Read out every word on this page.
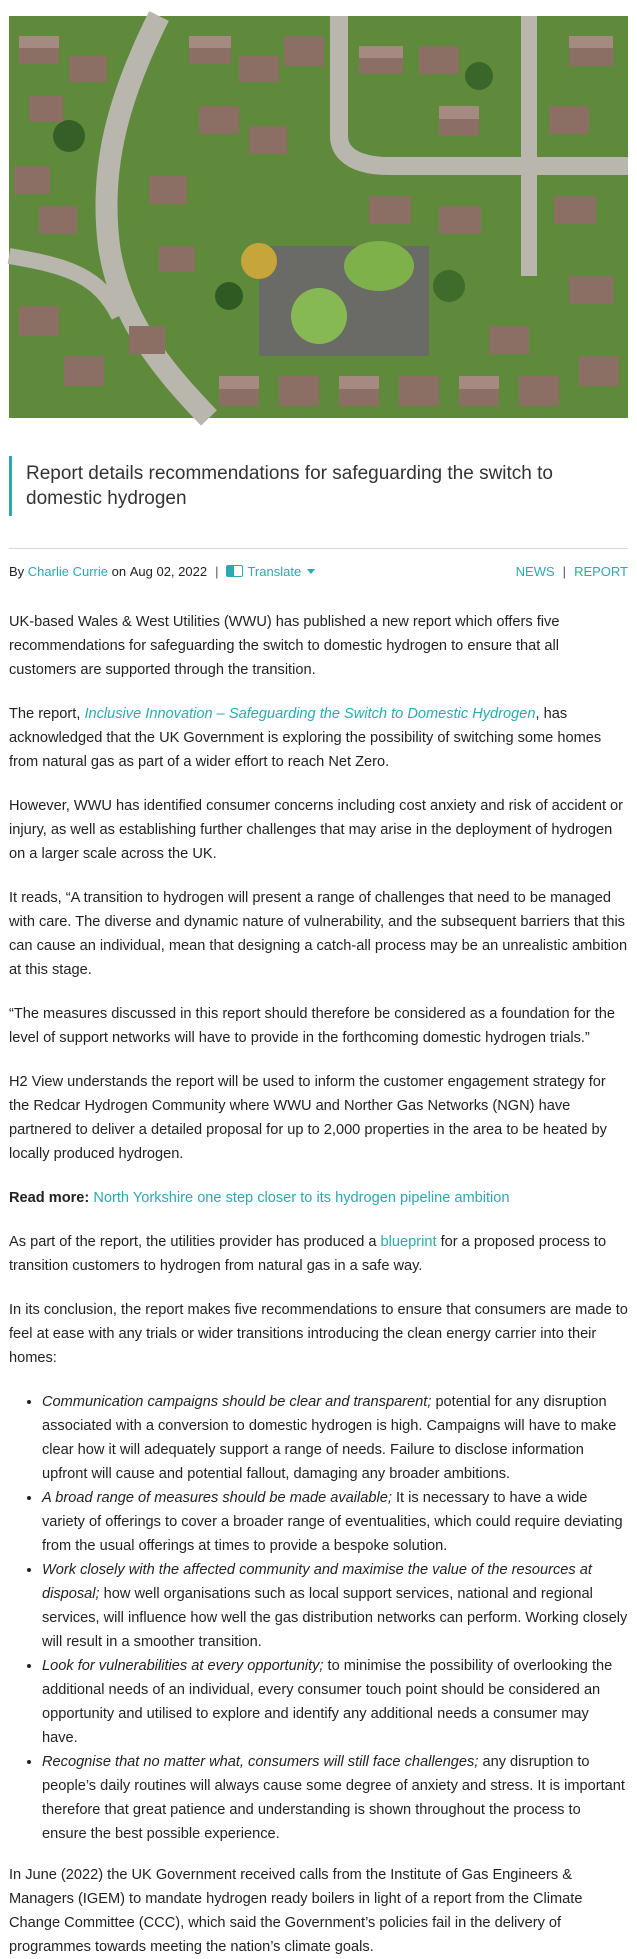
Report details recommendations for safeguarding the switch to domestic hydrogen
By
Charlie Currie
on
Aug 02, 2022 | Translate	NEWS | REPORT

UK-based Wales & West Utilities (WWU) has published a new report which offers five recommendations for safeguarding the switch to domestic hydrogen to ensure that all customers are supported through the transition.

The report, Inclusive Innovation – Safeguarding the Switch to Domestic Hydrogen, has acknowledged that the UK Government is exploring the possibility of switching some homes from natural gas as part of a wider effort to reach Net Zero.

However, WWU has identified consumer concerns including cost anxiety and risk of accident or injury, as well as establishing further challenges that may arise in the deployment of hydrogen on a larger scale across the UK.

It reads, “A transition to hydrogen will present a range of challenges that need to be managed with care. The diverse and dynamic nature of vulnerability, and the subsequent barriers that this can cause an individual, mean that designing a catch-all process may be an unrealistic ambition at this stage.

“The measures discussed in this report should therefore be considered as a foundation for the level of support networks will have to provide in the forthcoming domestic hydrogen trials.”

H2 View understands the report will be used to inform the customer engagement strategy for the Redcar Hydrogen Community where WWU and Norther Gas Networks (NGN) have partnered to deliver a detailed proposal for up to 2,000 properties in the area to be heated by locally produced hydrogen.

Read more: North Yorkshire one step closer to its hydrogen pipeline ambition

As part of the report, the utilities provider has produced a blueprint for a proposed process to transition customers to hydrogen from natural gas in a safe way.

In its conclusion, the report makes five recommendations to ensure that consumers are made to feel at ease with any trials or wider transitions introducing the clean energy carrier into their homes:

• Communication campaigns should be clear and transparent; potential for any disruption associated with a conversion to domestic hydrogen is high. Campaigns will have to make clear how it will adequately support a range of needs. Failure to disclose information upfront will cause and potential fallout, damaging any broader ambitions.
• A broad range of measures should be made available; It is necessary to have a wide variety of offerings to cover a broader range of eventualities, which could require deviating from the usual offerings at times to provide a bespoke solution.
• Work closely with the affected community and maximise the value of the resources at disposal; how well organisations such as local support services, national and regional services, will influence how well the gas distribution networks can perform. Working closely will result in a smoother transition.
• Look for vulnerabilities at every opportunity; to minimise the possibility of overlooking the additional needs of an individual, every consumer touch point should be considered an opportunity and utilised to explore and identify any additional needs a consumer may have.
• Recognise that no matter what, consumers will still face challenges; any disruption to people’s daily routines will always cause some degree of anxiety and stress. It is important therefore that great patience and understanding is shown throughout the process to ensure the best possible experience.

In June (2022) the UK Government received calls from the Institute of Gas Engineers & Managers (IGEM) to mandate hydrogen ready boilers in light of a report from the Climate Change Committee (CCC), which said the Government’s policies fail in the delivery of programmes towards meeting the nation’s climate goals.
